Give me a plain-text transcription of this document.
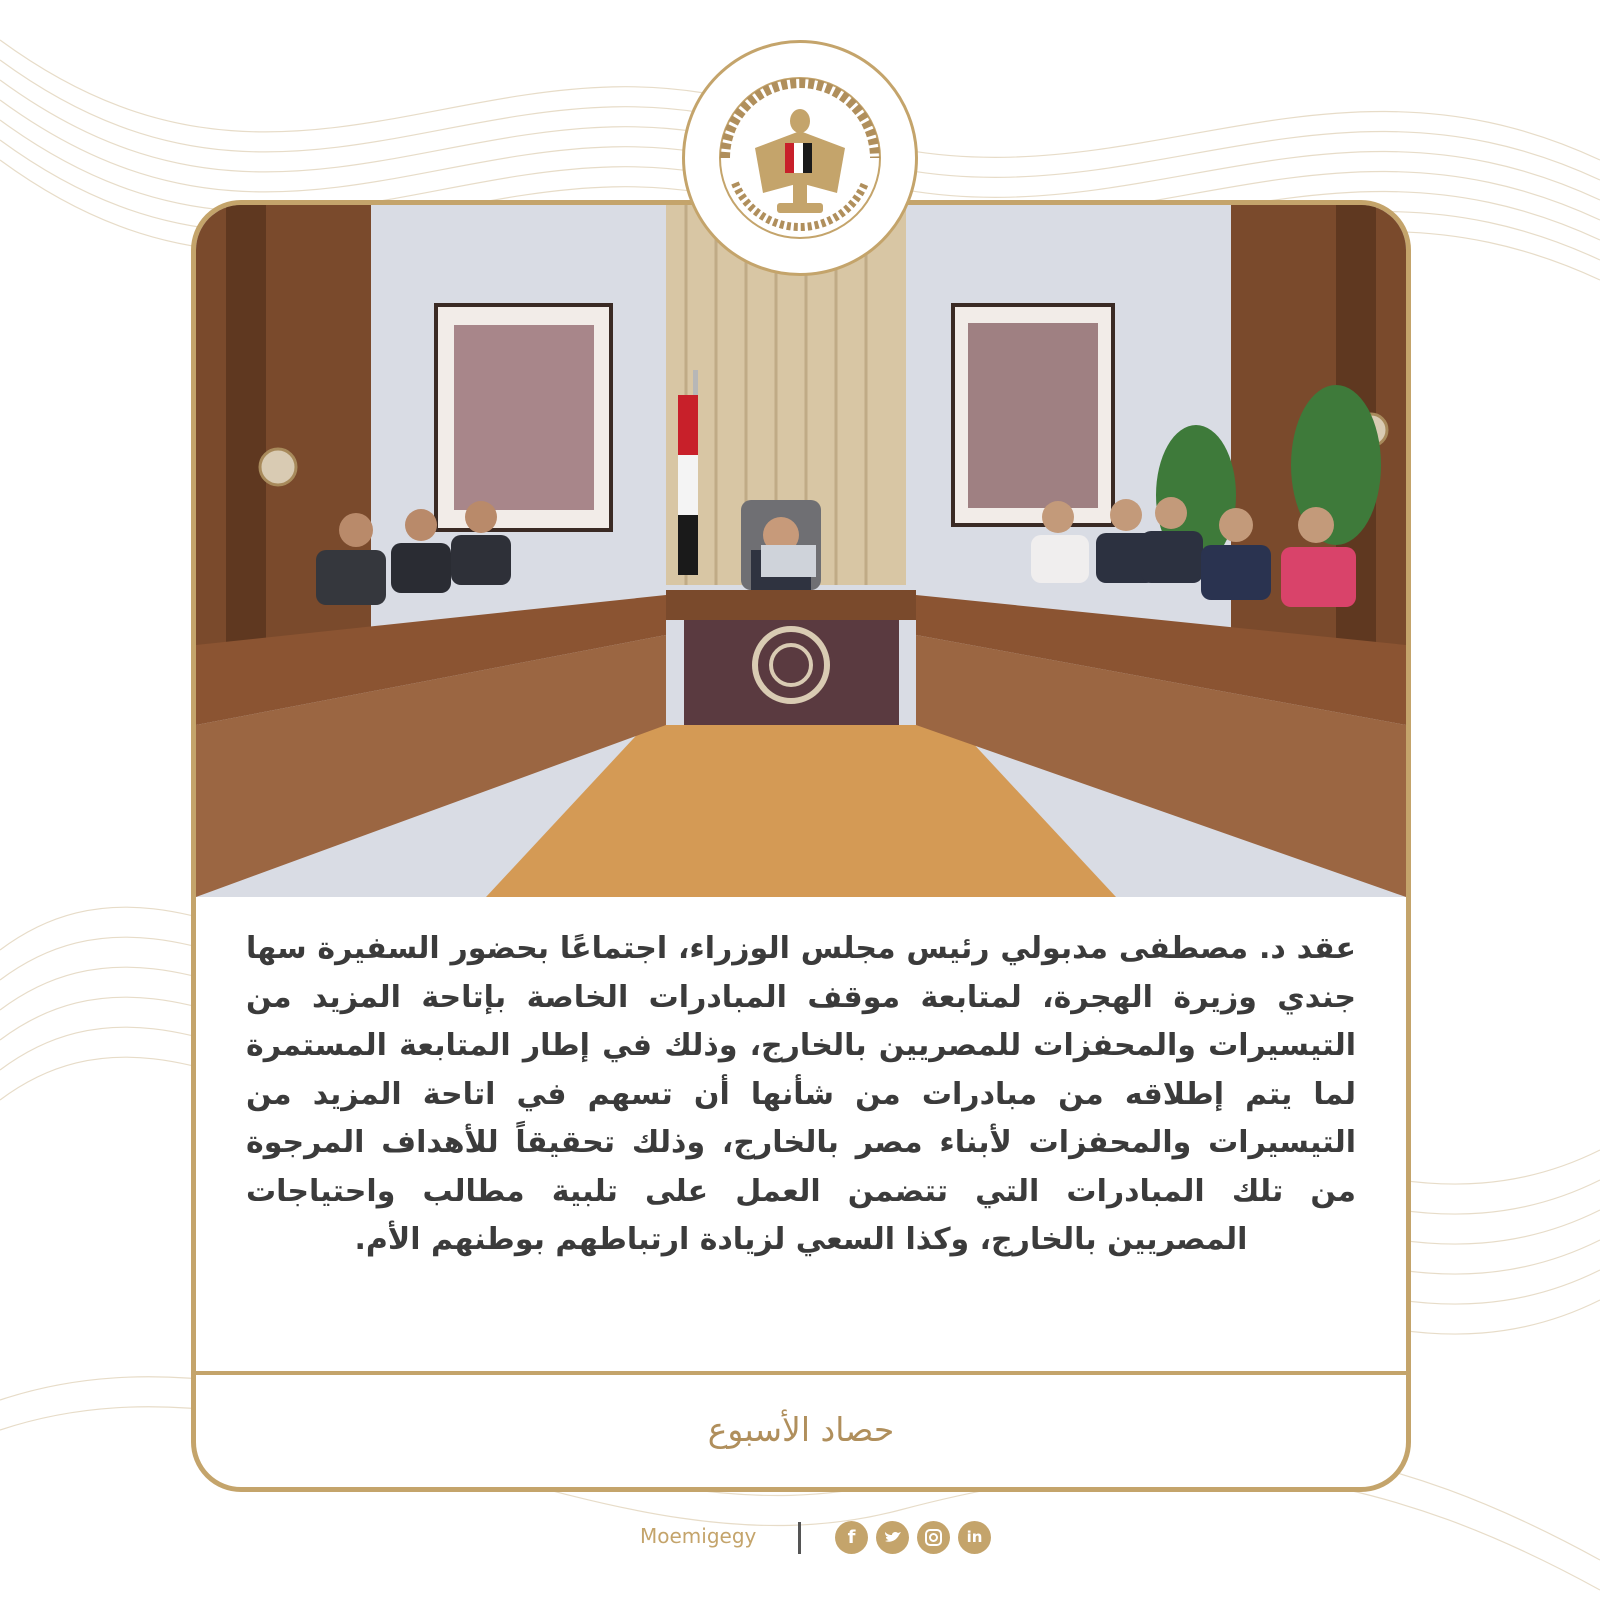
عقد د. مصطفى مدبولي رئيس مجلس الوزراء، اجتماعًا بحضور السفيرة سها جندي وزيرة الهجرة، لمتابعة موقف المبادرات الخاصة بإتاحة المزيد من التيسيرات والمحفزات للمصريين بالخارج، وذلك في إطار المتابعة المستمرة لما يتم إطلاقه من مبادرات من شأنها أن تسهم في اتاحة المزيد من التيسيرات والمحفزات لأبناء مصر بالخارج، وذلك تحقيقاً للأهداف المرجوة من تلك المبادرات التي تتضمن العمل على تلبية مطالب واحتياجات المصريين بالخارج، وكذا السعي لزيادة ارتباطهم بوطنهم الأم.

حصاد الأسبوع
Moemigegy	f	in
